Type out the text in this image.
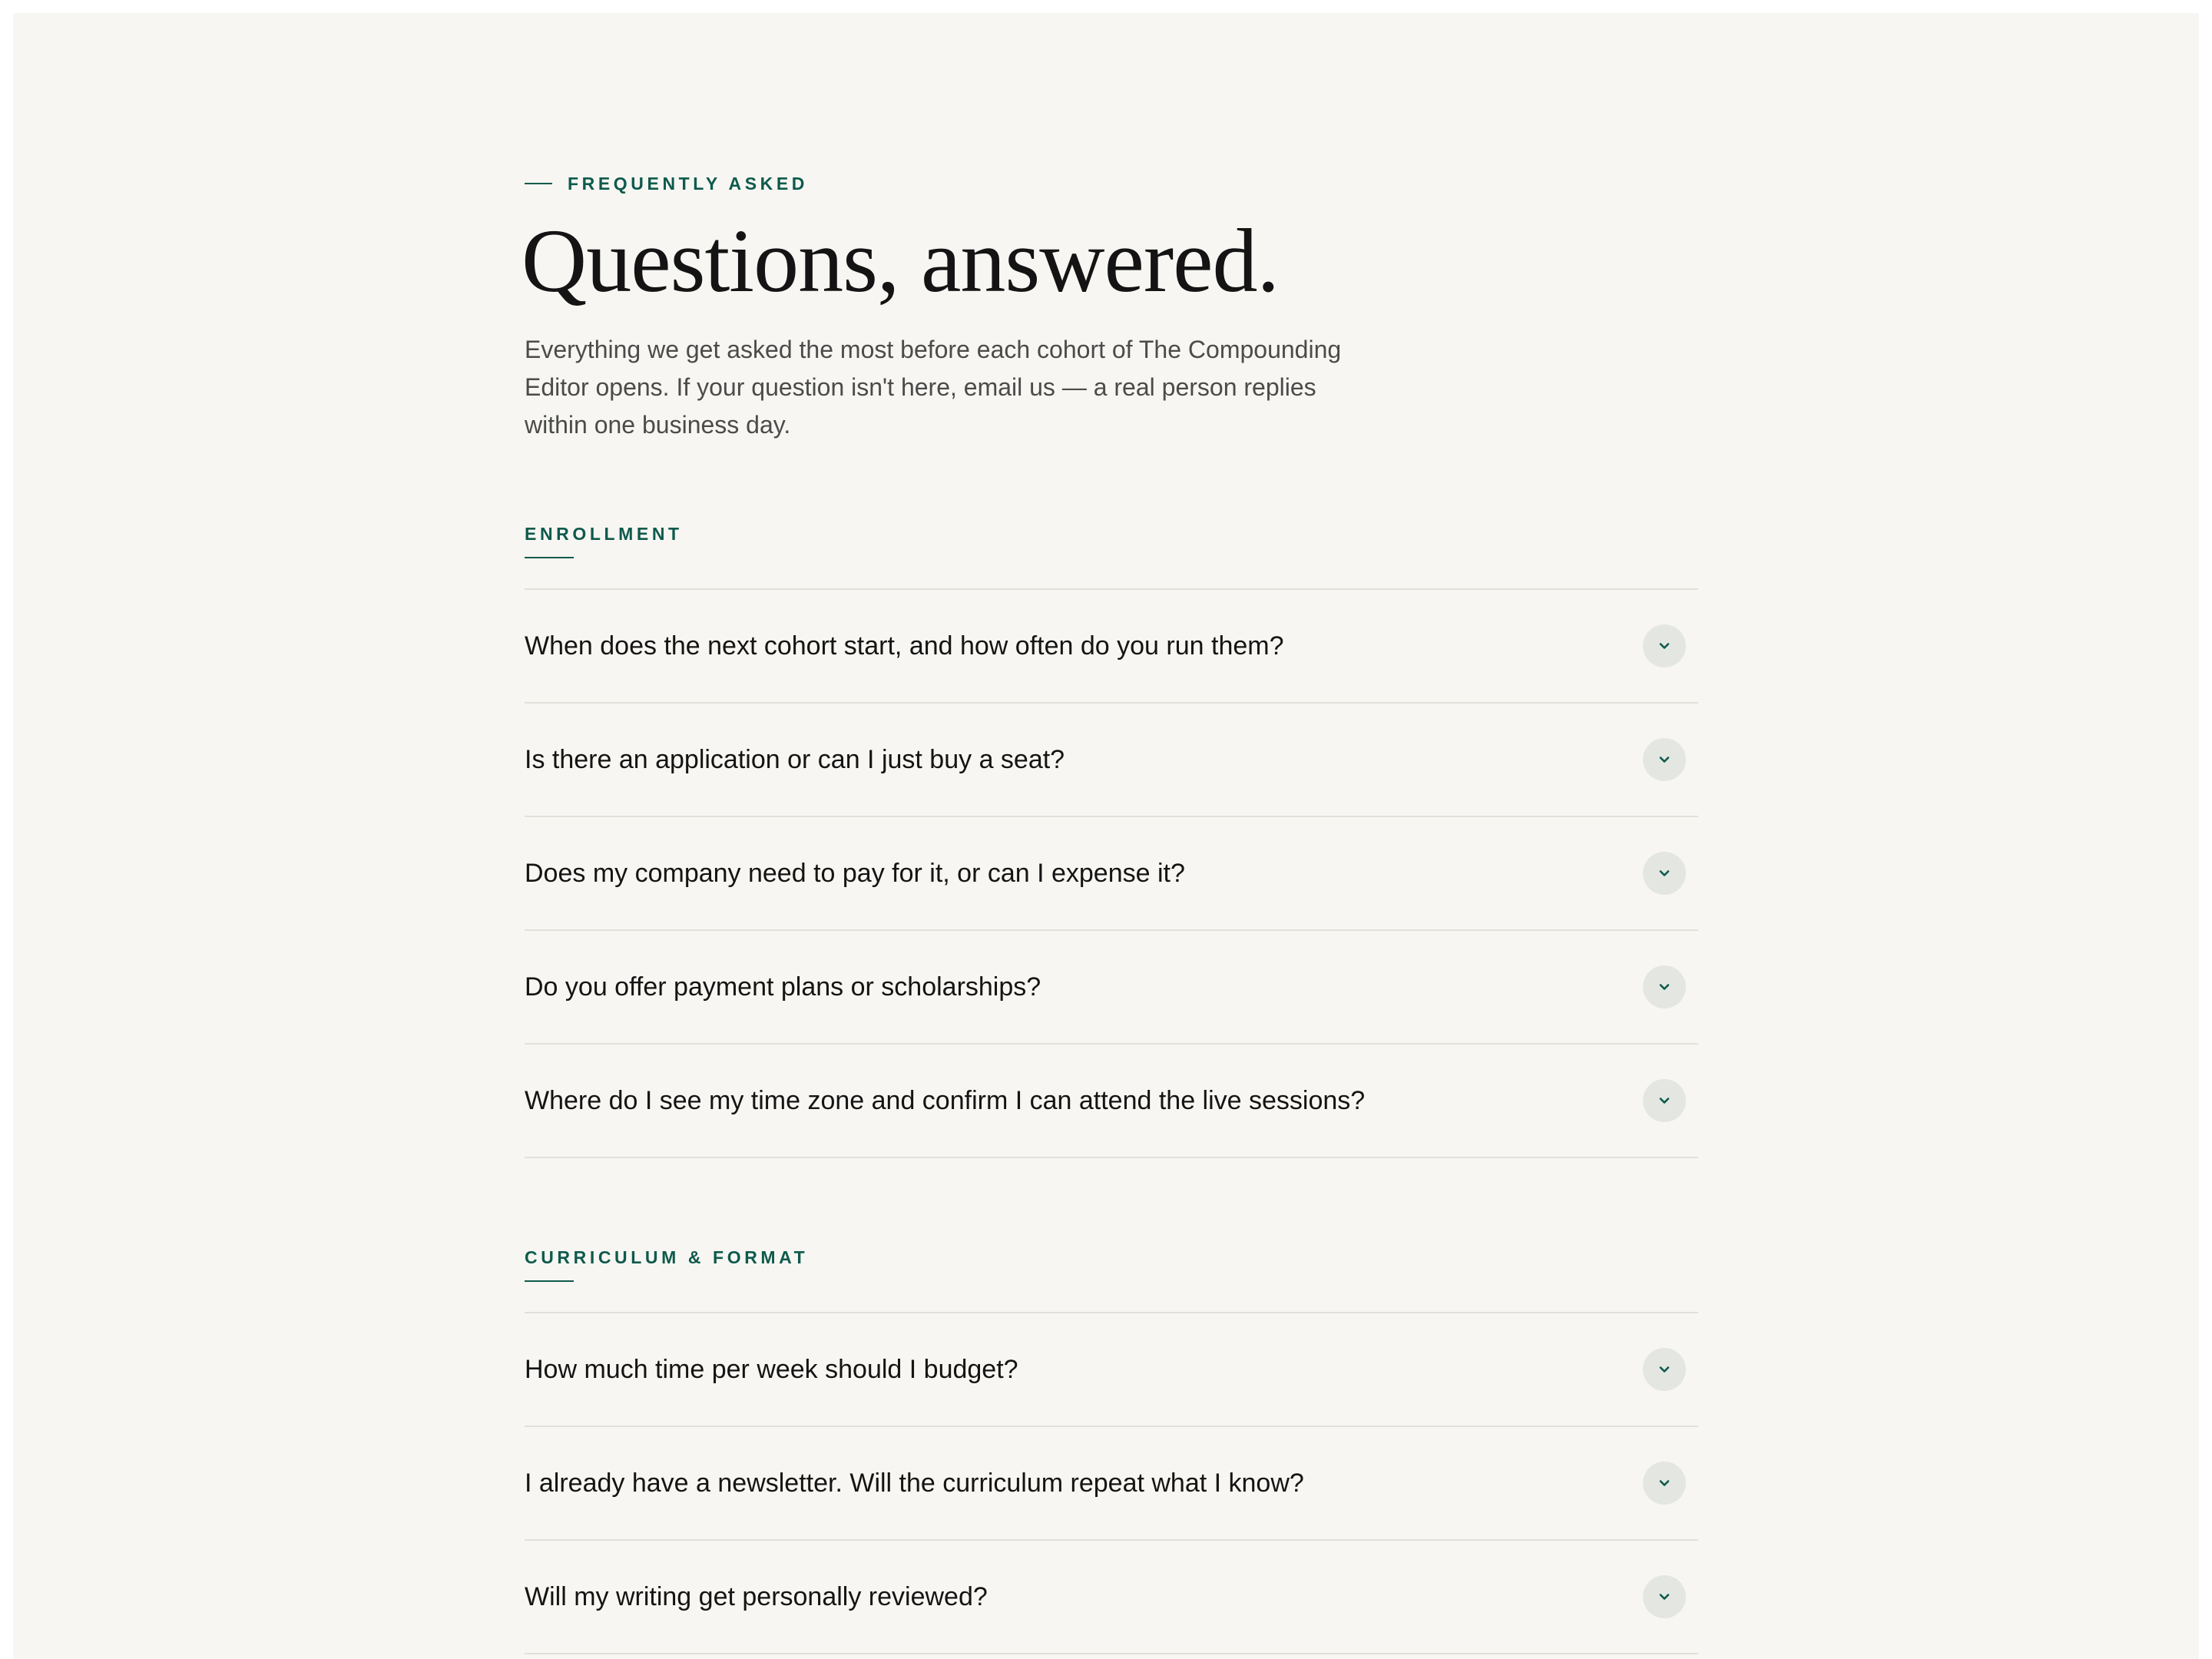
FREQUENTLY ASKED
Questions, answered.

Everything we get asked the most before each cohort of The Compounding Editor opens. If your question isn't here, email us — a real person replies within one business day.

ENROLLMENT
When does the next cohort start, and how often do you run them?
Is there an application or can I just buy a seat?
Does my company need to pay for it, or can I expense it?
Do you offer payment plans or scholarships?
Where do I see my time zone and confirm I can attend the live sessions?
CURRICULUM & FORMAT
How much time per week should I budget?
I already have a newsletter. Will the curriculum repeat what I know?
Will my writing get personally reviewed?
